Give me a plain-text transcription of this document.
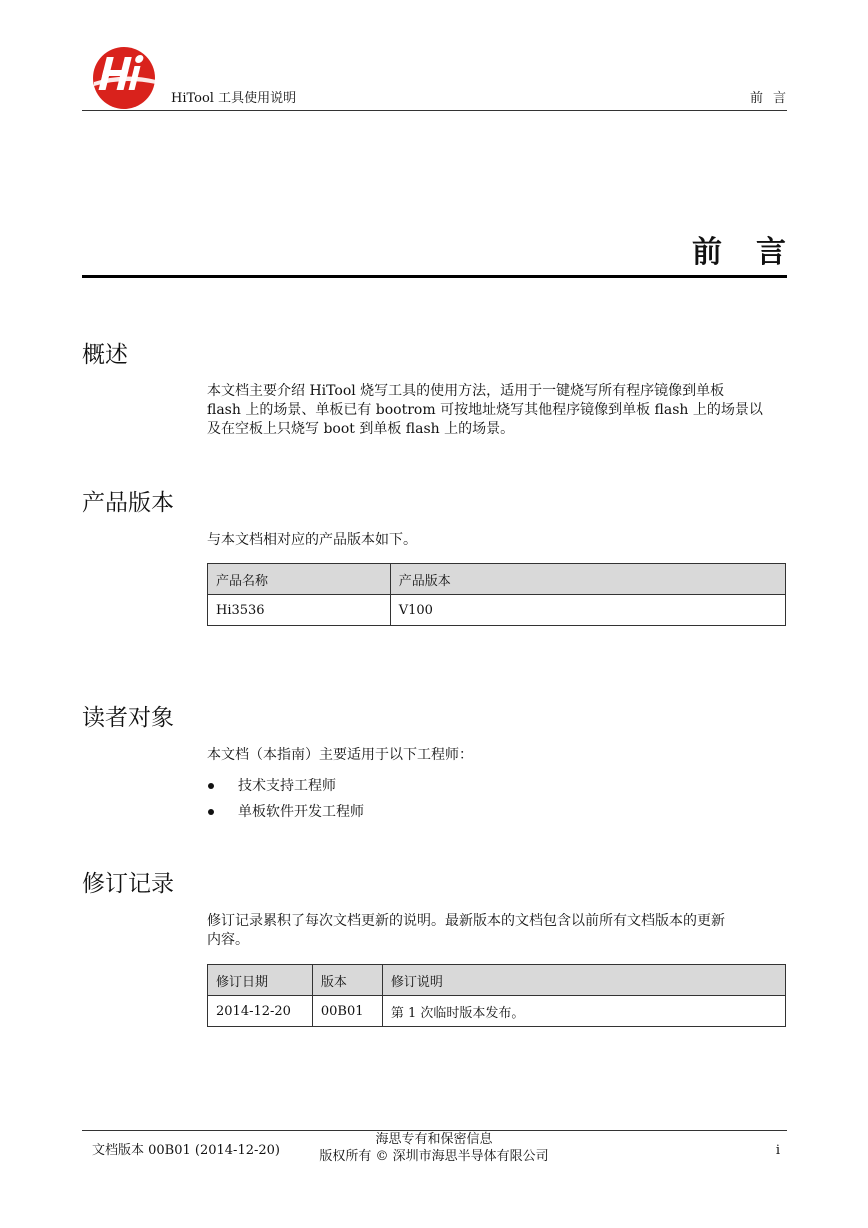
HiTool 工具使用说明	前言
前言
概述
本文档主要介绍 HiTool 烧写工具的使用方法，适用于一键烧写所有程序镜像到单板
flash 上的场景、单板已有 bootrom 可按地址烧写其他程序镜像到单板 flash 上的场景以
及在空板上只烧写 boot 到单板 flash 上的场景。
产品版本
与本文档相对应的产品版本如下。
产品名称	产品版本
Hi3536	V100
读者对象
本文档（本指南）主要适用于以下工程师：
技术支持工程师
单板软件开发工程师
修订记录
修订记录累积了每次文档更新的说明。最新版本的文档包含以前所有文档版本的更新
内容。
修订日期	版本	修订说明
2014-12-20	00B01	第 1 次临时版本发布。
文档版本 00B01 (2014-12-20)
海思专有和保密信息
版权所有 © 深圳市海思半导体有限公司	i
